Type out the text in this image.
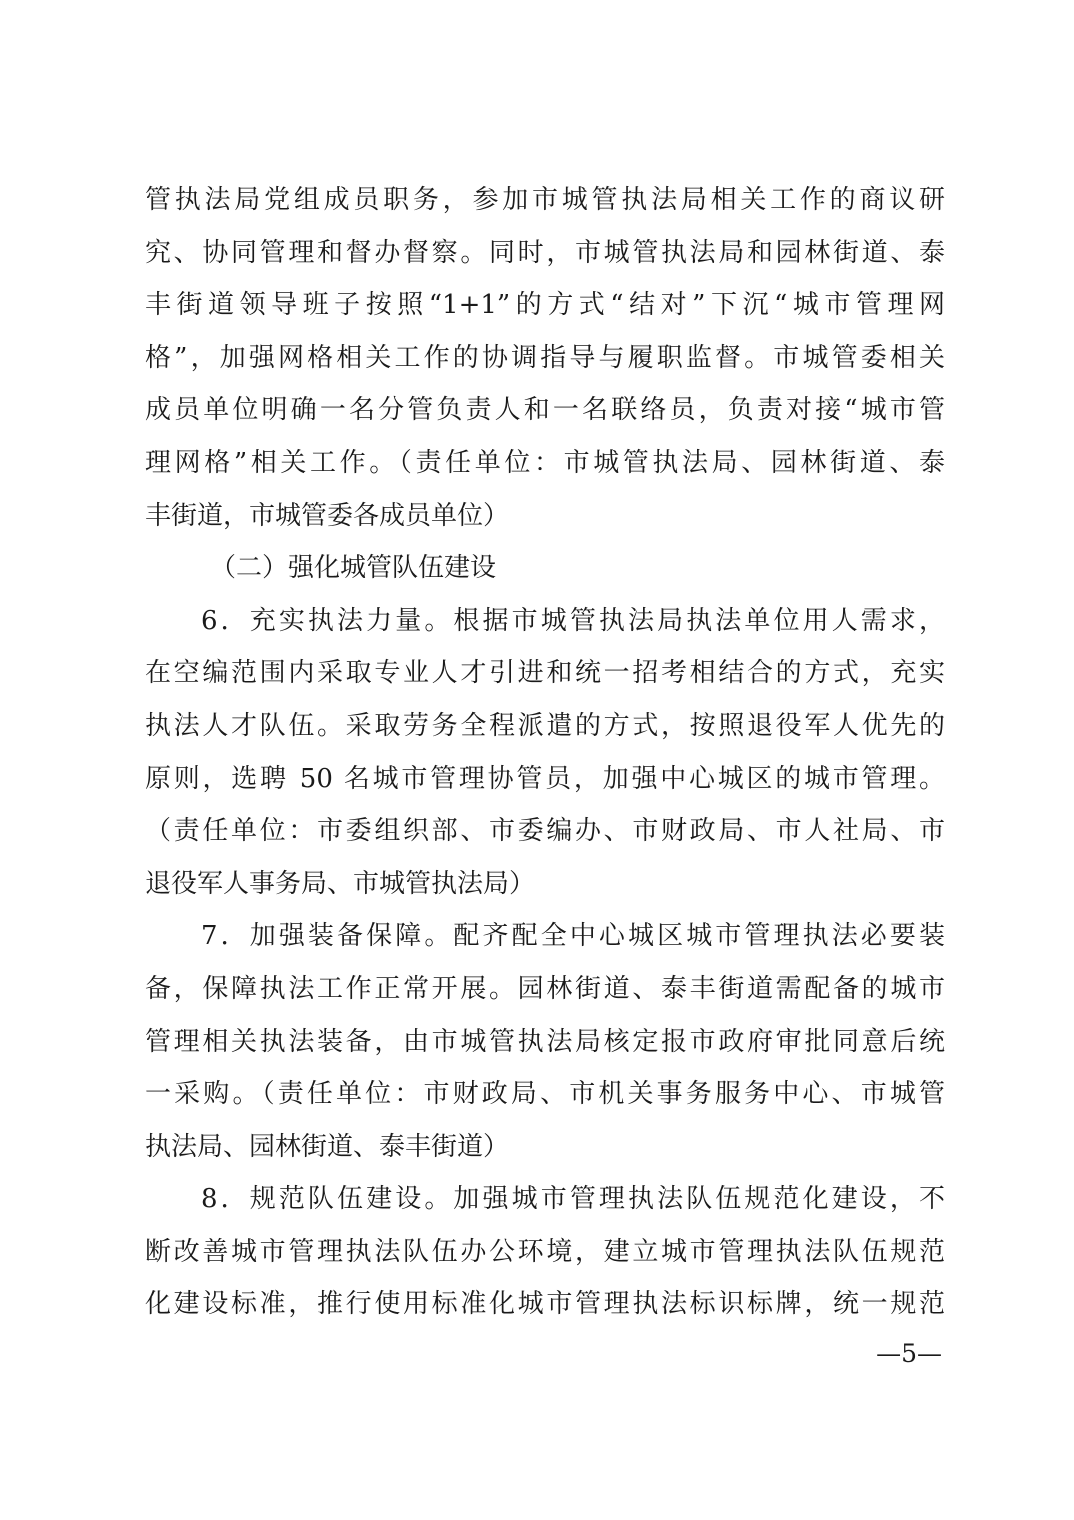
管执法局党组成员职务，参加市城管执法局相关工作的商议研
究、协同管理和督办督察。同时，市城管执法局和园林街道、泰
丰街道领导班子按照“1+1”的方式“结对”下沉“城市管理网
格”，加强网格相关工作的协调指导与履职监督。市城管委相关
成员单位明确一名分管负责人和一名联络员，负责对接“城市管
理网格”相关工作。（责任单位：市城管执法局、园林街道、泰
丰街道，市城管委各成员单位）
（二）强化城管队伍建设
6．充实执法力量。根据市城管执法局执法单位用人需求，
在空编范围内采取专业人才引进和统一招考相结合的方式，充实
执法人才队伍。采取劳务全程派遣的方式，按照退役军人优先的
原则，选聘 50 名城市管理协管员，加强中心城区的城市管理。
（责任单位：市委组织部、市委编办、市财政局、市人社局、市
退役军人事务局、市城管执法局）
7．加强装备保障。配齐配全中心城区城市管理执法必要装
备，保障执法工作正常开展。园林街道、泰丰街道需配备的城市
管理相关执法装备，由市城管执法局核定报市政府审批同意后统
一采购。（责任单位：市财政局、市机关事务服务中心、市城管
执法局、园林街道、泰丰街道）
8．规范队伍建设。加强城市管理执法队伍规范化建设，不
断改善城市管理执法队伍办公环境，建立城市管理执法队伍规范
化建设标准，推行使用标准化城市管理执法标识标牌，统一规范
—5—
